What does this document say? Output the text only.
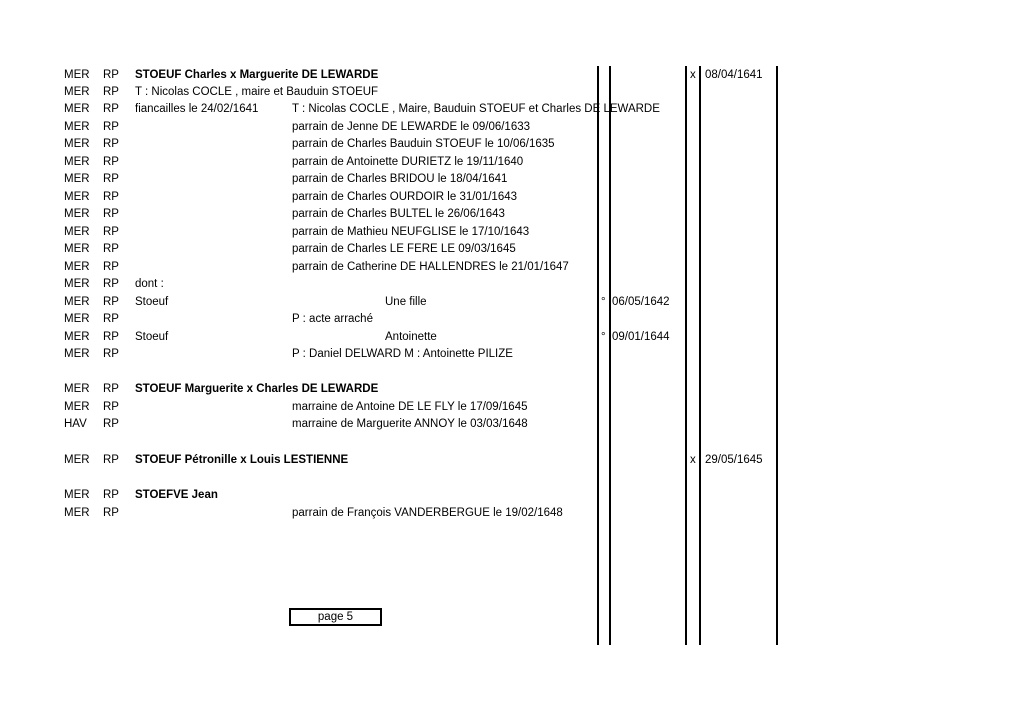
MER RP STOEUF Charles x Marguerite DE LEWARDE	x 08/04/1641
MER RP T : Nicolas COCLE , maire et Bauduin STOEUF
MER RP fiancailles le 24/02/1641	T : Nicolas COCLE , Maire, Bauduin STOEUF et Charles DE LEWARDE
MER RP	parrain de Jenne DE LEWARDE le 09/06/1633
MER RP	parrain de Charles Bauduin STOEUF le 10/06/1635
MER RP	parrain de Antoinette DURIETZ le 19/11/1640
MER RP	parrain de Charles BRIDOU le 18/04/1641
MER RP	parrain de Charles OURDOIR le 31/01/1643
MER RP	parrain de Charles BULTEL le 26/06/1643
MER RP	parrain de Mathieu NEUFGLISE le 17/10/1643
MER RP	parrain de Charles LE FERE LE 09/03/1645
MER RP	parrain de Catherine DE HALLENDRES le 21/01/1647
MER RP dont :
MER RP Stoeuf	Une fille	° 06/05/1642
MER RP	P : acte arraché
MER RP Stoeuf	Antoinette	° 09/01/1644
MER RP	P : Daniel DELWARD M : Antoinette PILIZE
MER RP STOEUF Marguerite x Charles DE LEWARDE
MER RP	marraine de Antoine DE LE FLY le 17/09/1645
HAV RP	marraine de Marguerite ANNOY le 03/03/1648
MER RP STOEUF Pétronille x Louis LESTIENNE	x 29/05/1645
MER RP STOEFVE Jean
MER RP	parrain de François VANDERBERGUE le 19/02/1648
page 5
